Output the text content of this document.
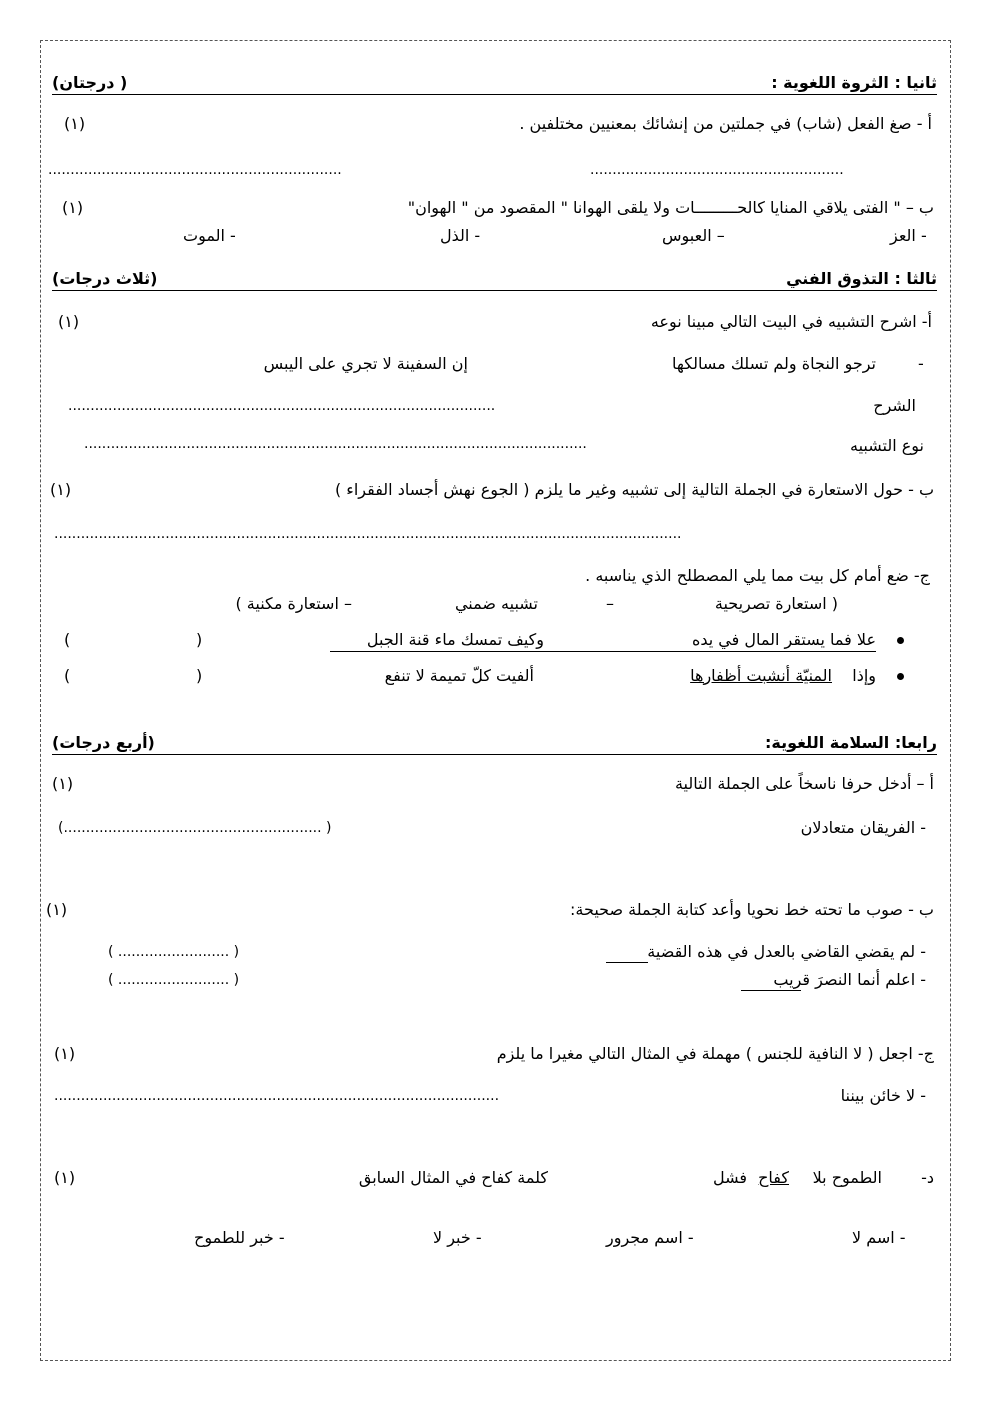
ثانيا : الثروة اللغوية :
( درجتان)
أ - صغ الفعل (شاب) في جملتين من إنشائك بمعنيين مختلفين .
(١)
..................................................................	.........................................................
ب – " الفتى يلاقي المنايا كالحـــــــــات ولا يلقى الهوانا " المقصود من " الهوان"
(١)
- العز
– العبوس
- الذل
- الموت
ثالثا : التذوق الفني
(ثلاث درجات)
أ- اشرح التشبيه في البيت التالي مبينا نوعه
(١)
-
ترجو النجاة ولم تسلك مسالكها
إن السفينة لا تجري على اليبس
الشرح
................................................................................................
نوع التشبيه
.................................................................................................................
ب - حول الاستعارة في الجملة التالية إلى تشبيه وغير ما يلزم ( الجوع نهش أجساد الفقراء )
(١)
.............................................................................................................................................
ج- ضع أمام كل بيت مما يلي المصطلح الذي يناسبه .
( استعارة تصريحية
–
تشبيه ضمني
– استعارة مكنية )
علا فما يستقر المال في يده
وكيف تمسك ماء قنة الجبل
(
)
وإذا
المنيّة أنشبت أظفارها
ألفيت كلّ تميمة لا تنفع
(
)
رابعا: السلامة اللغوية:
(أربع درجات)
أ – أدخل حرفا ناسخاً على الجملة التالية
(١)
- الفريقان متعادلان
(.......................................................... )
ب - صوب ما تحته خط نحويا وأعد كتابة الجملة صحيحة:
(١)
- لم يقضي القاضي بالعدل في هذه القضية
- اعلم أنما النصرَ قريب
( ......................... )
( ......................... )
ج- اجعل ( لا النافية للجنس ) مهملة في المثال التالي مغيرا ما يلزم
(١)
- لا خائن بيننا
....................................................................................................
د-
الطموح بلا
كفاح
فشل
كلمة كفاح في المثال السابق
(١)
- اسم لا
- اسم مجرور
- خبر لا
- خبر للطموح
